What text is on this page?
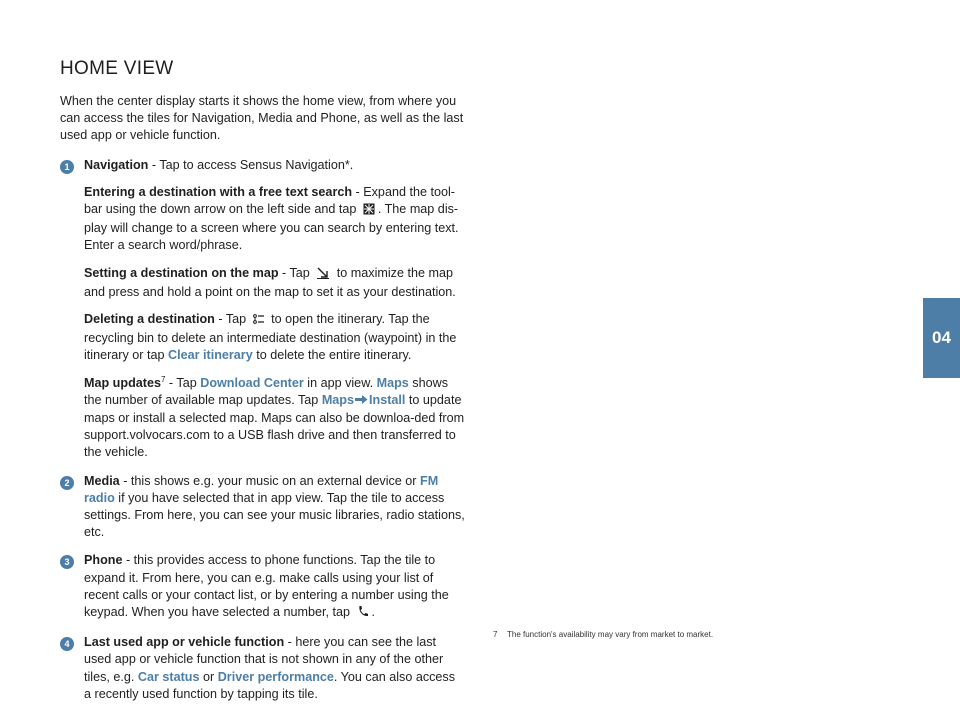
HOME VIEW

When the center display starts it shows the home view, from where you can access the tiles for Navigation, Media and Phone, as well as the last used app or vehicle function.

1	Navigation - Tap to access Sensus Navigation*.
Entering a destination with a free text search - Expand the tool-bar using the down arrow on the left side and tap . The map dis-play will change to a screen where you can search by entering text. Enter a search word/phrase.
Setting a destination on the map - Tap  to maximize the map and press and hold a point on the map to set it as your destination.
Deleting a destination - Tap  to open the itinerary. Tap the recycling bin to delete an intermediate destination (waypoint) in the itinerary or tap Clear itinerary to delete the entire itinerary.
Map updates$^7$ - Tap Download Center in app view. Maps shows the number of available map updates. Tap Maps Install to update maps or install a selected map. Maps can also be downloa-ded from support.volvocars.com to a USB flash drive and then transferred to the vehicle.
2	Media - this shows e.g. your music on an external device or FM radio if you have selected that in app view. Tap the tile to access settings. From here, you can see your music libraries, radio stations, etc.
3	Phone - this provides access to phone functions. Tap the tile to expand it. From here, you can e.g. make calls using your list of recent calls or your contact list, or by entering a number using the keypad. When you have selected a number, tap .
4	Last used app or vehicle function - here you can see the last used app or vehicle function that is not shown in any of the other tiles, e.g. Car status or Driver performance. You can also access a recently used function by tapping its tile.
7 The function's availability may vary from market to market.
04
